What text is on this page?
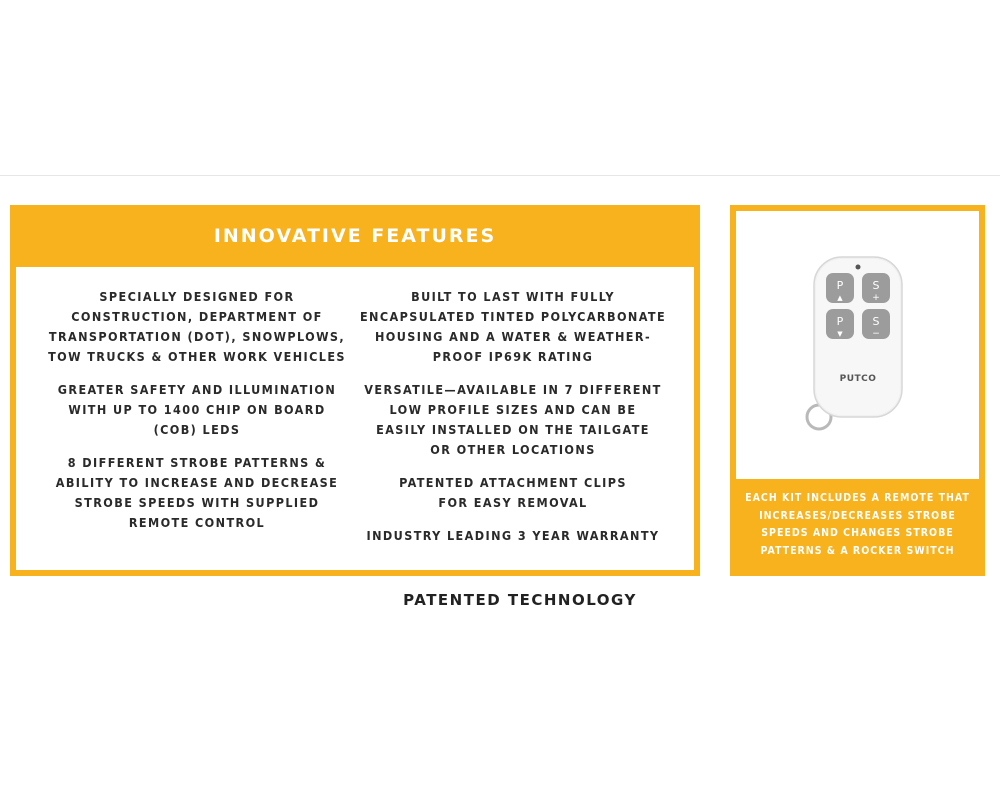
INNOVATIVE FEATURES
SPECIALLY DESIGNED FOR
CONSTRUCTION, DEPARTMENT OF
TRANSPORTATION (DOT), SNOWPLOWS,
TOW TRUCKS & OTHER WORK VEHICLES
GREATER SAFETY AND ILLUMINATION
WITH UP TO 1400 CHIP ON BOARD
(COB) LEDS
8 DIFFERENT STROBE PATTERNS &
ABILITY TO INCREASE AND DECREASE
STROBE SPEEDS WITH SUPPLIED
REMOTE CONTROL
BUILT TO LAST WITH FULLY
ENCAPSULATED TINTED POLYCARBONATE
HOUSING AND A WATER & WEATHER-
PROOF IP69K RATING
VERSATILE—AVAILABLE IN 7 DIFFERENT
LOW PROFILE SIZES AND CAN BE
EASILY INSTALLED ON THE TAILGATE
OR OTHER LOCATIONS
PATENTED ATTACHMENT CLIPS
FOR EASY REMOVAL
INDUSTRY LEADING 3 YEAR WARRANTY
PATENTED TECHNOLOGY
P
▲
S
+
P
▼
S
−
PUTCO
EACH KIT INCLUDES A REMOTE THAT
INCREASES/DECREASES STROBE
SPEEDS AND CHANGES STROBE
PATTERNS & A ROCKER SWITCH
